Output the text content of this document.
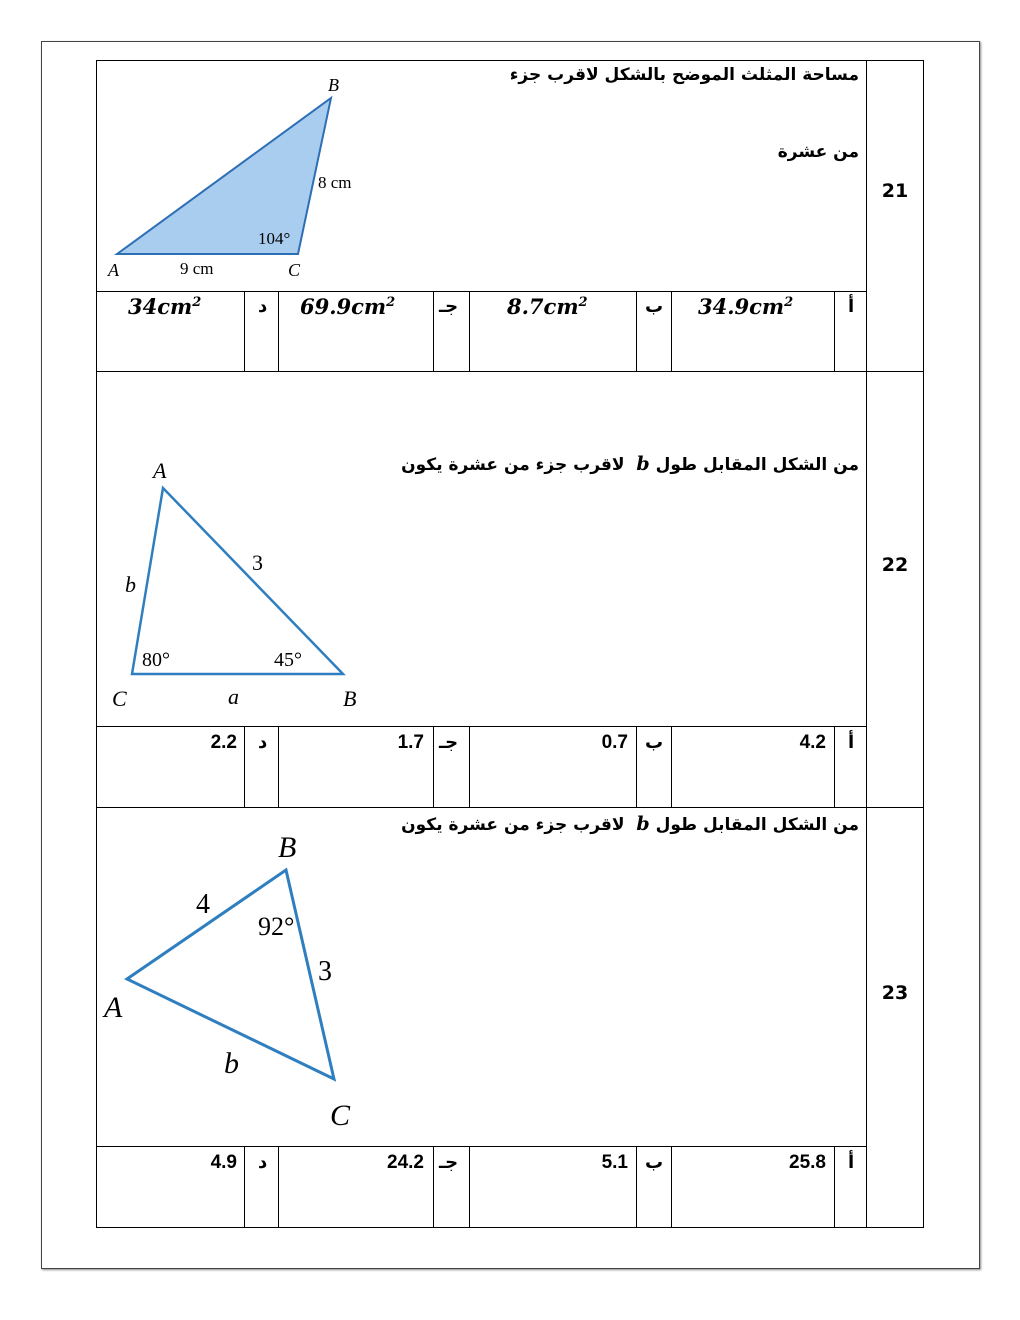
21
مساحة المثلث الموضح بالشكل لاقرب جزء
من عشرة
B
A	C
8 cm
9 cm
104°
أ
$34.9cm^2$
ب
$8.7cm^2$
جـ
$69.9cm^2$
د
$34cm^2$
22
من الشكل المقابل طول b  لاقرب جزء من عشرة يكون
A
C	B
b
3
a
80°	45°
أ
4.2
ب
0.7
جـ
1.7
د
2.2
23
من الشكل المقابل طول b  لاقرب جزء من عشرة يكون
B
A
C
4
3
b
92°
أ
25.8
ب
5.1
جـ
24.2
د
4.9
